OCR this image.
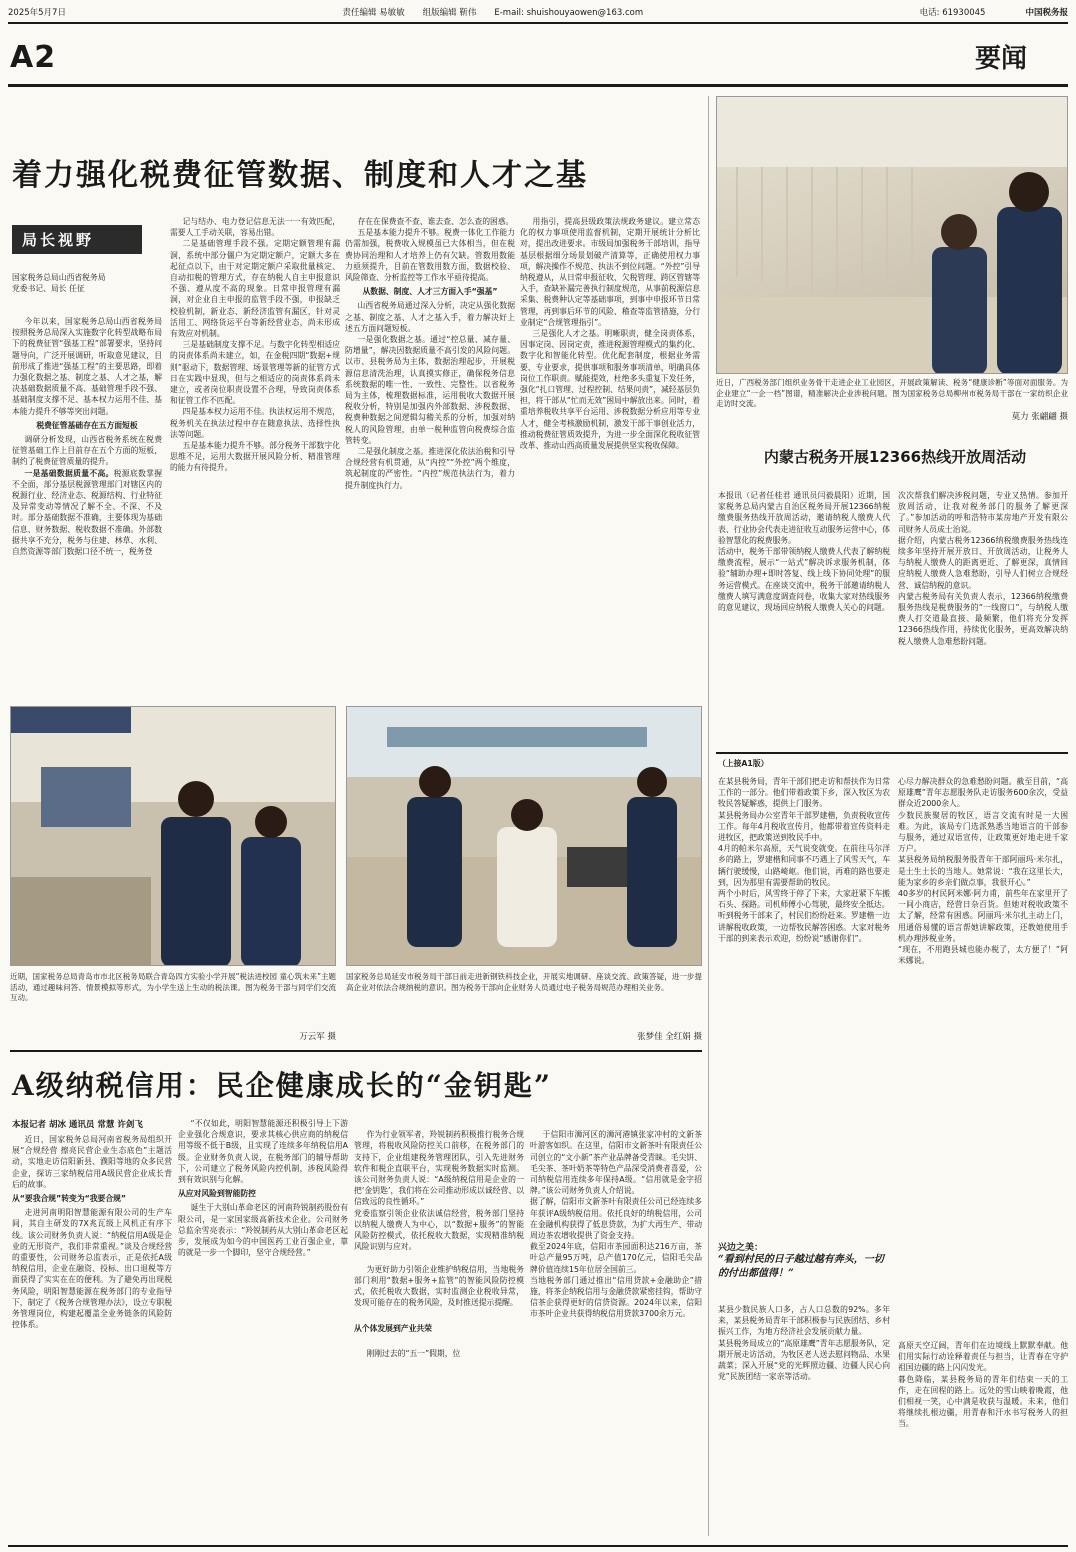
2025年5月7日	责任编辑 易敏敏 组版编辑 靳伟 E-mail: shuishouyaowen@163.com	电话: 61930045	中国税务报
A2	要闻
着力强化税费征管数据、制度和人才之基
局长视野
国家税务总局山西省税务局
党委书记、局长 任征

今年以来，国家税务总局山西省税务局按照税务总局深入实施数字化转型战略布局下的税费征管“强基工程”部署要求，坚持问题导向，广泛开展调研，听取意见建议，目前形成了推进“强基工程”的主要思路，即着力强化数据之基、制度之基、人才之基，解决基础数据质量不高、基础管理手段不强、基础制度支撑不足、基本权力运用不佳、基本能力提升不够等突出问题。

税费征管基础存在五方面短板

调研分析发现，山西省税务系统在税费征管基础工作上目前存在五个方面的短板，制约了税费征管质量的提升。

一是基础数据质量不高。税源底数掌握不全面，部分基层税源管理部门对辖区内的税源行业、经济业态、税源结构、行业特征及异常变动等情况了解不全、不深、不及时。部分基础数据不准确，主要体现为基础信息、财务数据、税收数据不准确。外部数据共享不充分，税务与住建、林草、水利、自然资源等部门数据口径不统一，税务登

记与结办、电力登记信息无法一一有效匹配，需要人工手动关联，容易出错。

二是基础管理手段不强。定期定额管理有漏洞，系统中部分僵户为定期定额户，定额大多在起征点以下，由于对定期定额户采取批量核定、自动扣税的管理方式，存在纳税人自主申报意识不强、遵从度不高的现象。日常申报管理有漏洞，对企业自主申报的监管手段不强，申报缺乏校验机制，新业态、新经济监管有漏区，针对灵活用工、网络货运平台等新经营业态，尚未形成有效应对机制。

三是基础制度支撑不足。与数字化转型相适应的岗责体系尚未建立，如，在金税四期“数据+规则”驱动下，数据管理、场景管理等新的征管方式日在实践中显现，但与之相适应的岗责体系尚未建立，或者岗位职责设置不合理，导致岗责体系和征管工作不匹配。

四是基本权力运用不佳。执法权运用不规范，税务机关在执法过程中存在随意执法、选择性执法等问题。

五是基本能力提升不够。部分税务干部数字化思维不足，运用大数据开展风险分析、精准管理的能力有待提升。

存在在保费查不查、谁去查、怎么查的困惑。

五是基本能力提升不够。税费一体化工作能力仍需加强，税费收入规模虽已大体相当，但在税费协同治理和人才培养上仍有欠缺。管数用数能力亟须提升，目前在管数用数方面，数据校验、风险筛查、分析监控等工作水平亟待提高。

从数据、制度、人才三方面入手“强基”

山西省税务局通过深入分析，决定从强化数据之基、制度之基、人才之基入手，着力解决好上述五方面问题短板。

一是强化数据之基。通过“控总量、减存量、防增量”，解决因数据质量不高引发的风险问题。以市、县税务局为主体，数据治理起步，开展税源信息清洗治理，认真摸实修正，确保税务信息系统数据的唯一性、一致性、完整性。以省税务局为主体，梳理数据标准，运用税收大数据开展税收分析，特别是加强内外部数据、涉税数据、税费种数据之间逻辑勾稽关系的分析，加强对纳税人的风险管理，由单一税种监管向税费综合监管转变。

二是强化制度之基。推进深化依法治税和引导合规经营有机贯通，从“内控”“外控”两个维度，筑起制度的严密性。“内控”规范执法行为，着力提升制度执行力。

用指引，提高县级政策法规政务建议。建立常态化的权力事项使用监督机制，定期开展统计分析比对，提出改进要求。市级局加强税务干部培训，指导基层根据细分场景划破产清算等，正确使用权力事项，解决操作不规范、执法不到位问题。“外控”引导纳税遵从，从日常申报征收、欠税管理、跨区管辖等入手，查缺补漏完善执行制度规范，从事前税源信息采集、税费种认定等基础事项，到事中申报环节日常管理，再到事后环节的风险、稽查等监管措施，分行业制定“合规管理指引”。

三是强化人才之基。明晰职责，健全岗责体系，因事定岗、因岗定责，推进税源管理模式的集约化、数字化和智能化转型。优化配套制度，根据业务需要、专业要求，提供事项和服务事项清单，明确具体岗位工作职责。赋能提效，杜绝多头重复下发任务，强化“扎口管理、过程控制、结果问责”，减轻基层负担，将干部从“忙而无效”困局中解放出来。同时，着重培养税收共享平台运用、涉税数据分析应用等专业人才，健全考核激励机制，激发干部干事创业活力，推动税费征管质效提升，为进一步全面深化税收征管改革、推动山西高质量发展提供坚实税收保障。

近日，广西税务部门组织业务骨干走进企业工业园区，开展政策解读、税务“健康诊断”等面对面服务。为企业建立“一企一档”图谱，精准解决企业涉税问题。图为国家税务总局柳州市税务局干部在一家纺织企业走访时交流。
莫力 张翩翩 摄
内蒙古税务开展12366热线开放周活动
本报讯（记者任桂君 通讯员闫毅晨阳）近期，国家税务总局内蒙古自治区税务局开展12366纳税缴费服务热线开放周活动，邀请纳税人缴费人代表、行业协会代表走进征收互动服务运营中心，体验智慧化的税费服务。
活动中，税务干部带领纳税人缴费人代表了解纳税缴费流程，展示“一站式”解决诉求服务机制，体验“辅助办理+即时答复、线上线下协同处理”的服务运营模式。在座谈交流中，税务干部邀请纳税人缴费人填写满意度调查问卷，收集大家对热线服务的意见建议，现场回应纳税人缴费人关心的问题。
次次帮我们解决涉税问题，专业又热情。参加开放周活动，让我对税务部门的服务了解更深了。”参加活动的呼和浩特市某房地产开发有限公司财务人员成士治说。
据介绍，内蒙古税务12366纳税缴费服务热线连续多年坚持开展开放日、开放周活动，让税务人与纳税人缴费人的距离更近、了解更深，真情回应纳税人缴费人急难愁盼，引导人们树立合规经营、诚信纳税的意识。
内蒙古税务局有关负责人表示，12366纳税缴费服务热线是税费服务的“一线窗口”，与纳税人缴费人打交道最直接、最频繁，他们将充分发挥12366热线作用，持续优化服务，更高效解决纳税人缴费人急难愁盼问题。
近期，国家税务总局青岛市市北区税务局联合青岛四方实验小学开展“税法进校园 童心筑未来”主题活动，通过趣味问答、情景模拟等形式，为小学生送上生动的税法课。图为税务干部与同学们交流互动。
万云军 摄
国家税务总局延安市税务局干部日前走进新钢铁科技企业，开展实地调研、座谈交流、政策答疑，进一步提高企业对依法合规纳税的意识。图为税务干部向企业财务人员通过电子税务局规范办理相关业务。
张梦佳 全红娟 摄
A级纳税信用：民企健康成长的“金钥匙”
本报记者 胡冰 通讯员 常慧 许剑飞

近日，国家税务总局河南省税务局组织开展“合规经营 擦亮民营企业生态底色”主题活动，实地走访信阳新县、濮阳等地的众多民营企业，探访三家纳税信用A级民营企业成长背后的故事。

从“要我合规”转变为“我要合规”

走进河南明阳智慧能源有限公司的生产车间，其自主研发的7X兆瓦级上风机正有序下线。该公司财务负责人说：“纳税信用A级是企业的无形资产，我们非常重视。”谈及合规经营的重要性，公司财务总监表示，正是依托A级纳税信用，企业在融资、投标、出口退税等方面获得了实实在在的便利。为了避免再出现税务风险，明阳智慧能源在税务部门的专业指导下，制定了《税务合规管理办法》，设立专职税务管理岗位，构建起覆盖全业务链条的风险防控体系。

“不仅如此，明阳智慧能源还积极引导上下游企业强化合规意识，要求其核心供应商的纳税信用等级不低于B级，且实现了连续多年纳税信用A级。企业财务负责人说，在税务部门的辅导帮助下，公司建立了税务风险内控机制，涉税风险得到有效识别与化解。

从应对风险到智能防控

诞生于大别山革命老区的河南羚锐制药股份有限公司，是一家国家级高新技术企业。公司财务总监余雪亮表示：“羚锐制药从大别山革命老区起步，发展成为如今的中国医药工业百强企业，靠的就是一步一个脚印，坚守合规经营。”

作为行业领军者，羚锐制药积极推行税务合规管理，将税收风险防控关口前移，在税务部门的支持下，企业组建税务管理团队，引入先进财务软件和税企直联平台，实现税务数据实时监测。该公司财务负责人说：“A级纳税信用是企业的一把‘金钥匙’，我们将在公司推动形成以诚经营、以信致远的良性循环。”
党委监察引领企业依法诚信经营，税务部门坚持以纳税人缴费人为中心，以“数据+服务”的智能风险防控模式，依托税收大数据，实现精准纳税风险识别与应对。

为更好助力引领企业维护纳税信用，当地税务部门利用“数据+服务+监管”的智能风险防控模式，依托税收大数据，实时监测企业税收异常，发现可能存在的税务风险，及时推送提示提醒。

从个体发展到产业共荣

刚刚过去的“五一”假期，位

于信阳市浉河区的浉河港镇张家冲村的文新茶叶游客如织。在这里，信阳市文新茶叶有限责任公司创立的“文小新”茶产业品牌备受青睐。毛尖饼、毛尖茶、茶叶奶茶等特色产品深受消费者喜爱，公司纳税信用连续多年保持A级。“信用就是金字招牌。”该公司财务负责人介绍说。
据了解，信阳市文新茶叶有限责任公司已经连续多年获评A级纳税信用。依托良好的纳税信用，公司在金融机构获得了低息贷款，为扩大再生产、带动周边茶农增收提供了资金支持。
截至2024年底，信阳市茶园面积达216万亩，茶叶总产量95万吨，总产值170亿元，信阳毛尖品牌价值连续15年位居全国前三。
当地税务部门通过推出“信用贷款+金融助企”措施，将茶企纳税信用与金融贷款紧密挂钩，帮助守信茶企获得更好的信贷资源。2024年以来，信阳市茶叶企业共获得纳税信用贷款3700余万元。

（上接A1版）
在某县税务局，青年干部们把走访和帮扶作为日常工作的一部分。他们带着政策下乡，深入牧区为农牧民答疑解惑，提供上门服务。
某县税务局办公室青年干部罗建楷，负责税收宣传工作。每年4月税收宣传月，他都带着宣传资料走进牧区，把政策送到牧民手中。
4月的帕米尔高原，天气说变就变。在前往马尔洋乡的路上，罗建楷和同事不巧遇上了风雪天气，车辆行驶缓慢，山路崎岖。他们说，再难的路也要走到，因为那里有需要帮助的牧民。
两个小时后，风雪终于停了下来，大家赶紧下车搬石头、探路。司机师傅小心驾驶，最终安全抵达。
听到税务干部来了，村民们纷纷赶来。罗建楷一边讲解税收政策，一边帮牧民解答困惑。大家对税务干部的到来表示欢迎，纷纷说“感谢你们”。
心尽力解决群众的急难愁盼问题。截至目前，“高原雄鹰”青年志愿服务队走访服务600余次，受益群众近2000余人。
少数民族聚居的牧区，语言交流有时是一大困难。为此，该局专门选派熟悉当地语言的干部参与服务，通过双语宣传，让政策更好地走进千家万户。
某县税务局纳税服务股青年干部阿丽玛·米尔扎，是土生土长的当地人。她常说：“我在这里长大，能为家乡的乡亲们做点事，我很开心。”
40多岁的村民阿米娜·阿力甫，前些年在家里开了一间小商店，经营日杂百货。但她对税收政策不太了解，经常有困惑。阿丽玛·米尔扎主动上门，用通俗易懂的语言帮她讲解政策，还教她使用手机办理涉税业务。
“现在，不用跑县城也能办税了，太方便了！”阿米娜说。
兴边之美：
“看到村民的日子越过越有奔头，一切的付出都值得！”
某县少数民族人口多，占人口总数的92%。多年来，某县税务局青年干部积极参与民族团结、乡村振兴工作，为地方经济社会发展贡献力量。
某县税务局成立的“高原雄鹰”青年志愿服务队，定期开展走访活动，为牧区老人送去慰问物品、水果蔬菜；深入开展“党的光辉照边疆、边疆人民心向党”民族团结一家亲等活动。
高原天空辽阔，青年们在边境线上默默奉献。他们用实际行动诠释着责任与担当，让青春在守护祖国边疆的路上闪闪发光。
暮色降临，某县税务局的青年们结束一天的工作，走在回程的路上。远处的雪山映着晚霞，他们相视一笑，心中满是收获与温暖。未来，他们将继续扎根边疆，用青春和汗水书写税务人的担当。
